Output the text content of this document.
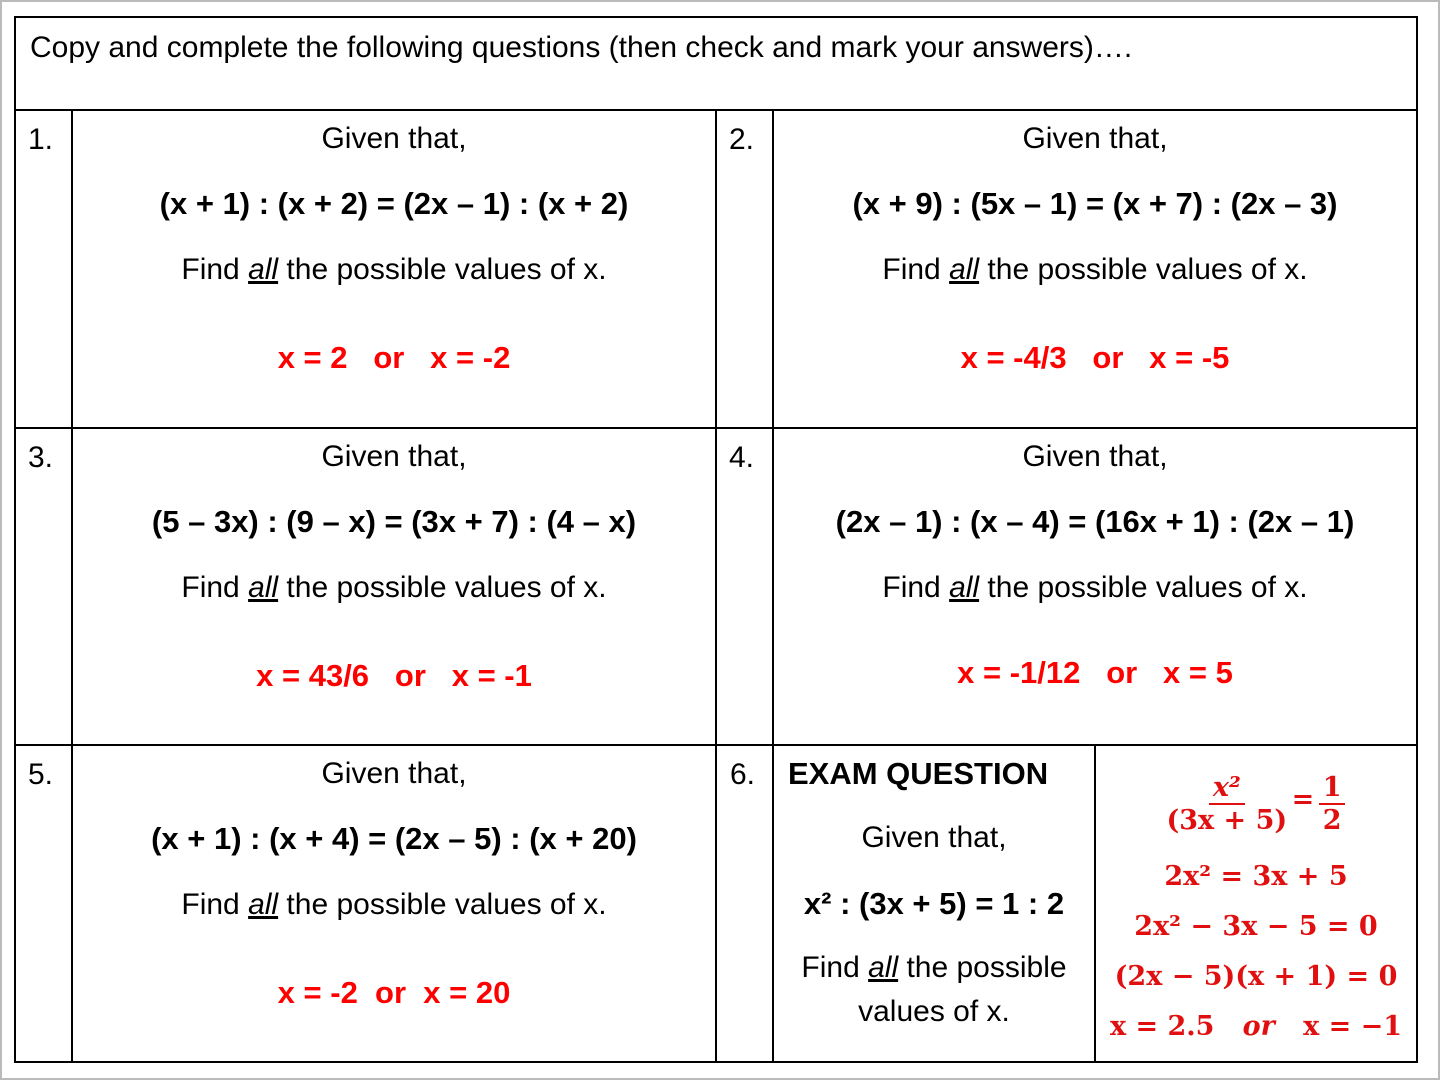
Copy and complete the following questions (then check and mark your answers)….
1.	Given that,
(x + 1) : (x + 2) = (2x – 1) : (x + 2)
Find all the possible values of x.
x = 2   or   x = -2
2.	Given that,
(x + 9) : (5x – 1) = (x + 7) : (2x – 3)
Find all the possible values of x.
x = -4/3   or   x = -5
3.	Given that,
(5 – 3x) : (9 – x) = (3x + 7) : (4 – x)
Find all the possible values of x.
x = 43/6   or   x = -1
4.	Given that,
(2x – 1) : (x – 4) = (16x + 1) : (2x – 1)
Find all the possible values of x.
x = -1/12   or   x = 5
5.	Given that,
(x + 1) : (x + 4) = (2x – 5) : (x + 20)
Find all the possible values of x.
x = -2  or  x = 20
6. EXAM QUESTION
Given that,
x² : (3x + 5) = 1 : 2
Find all the possible
values of x.
$\frac{\text{x²}}{(3x + 5)} = \frac{1}{2}$
2x² = 3x + 5
2x² − 3x − 5 = 0
(2x − 5)(x + 1) = 0
x = 2.5 or x = −1
